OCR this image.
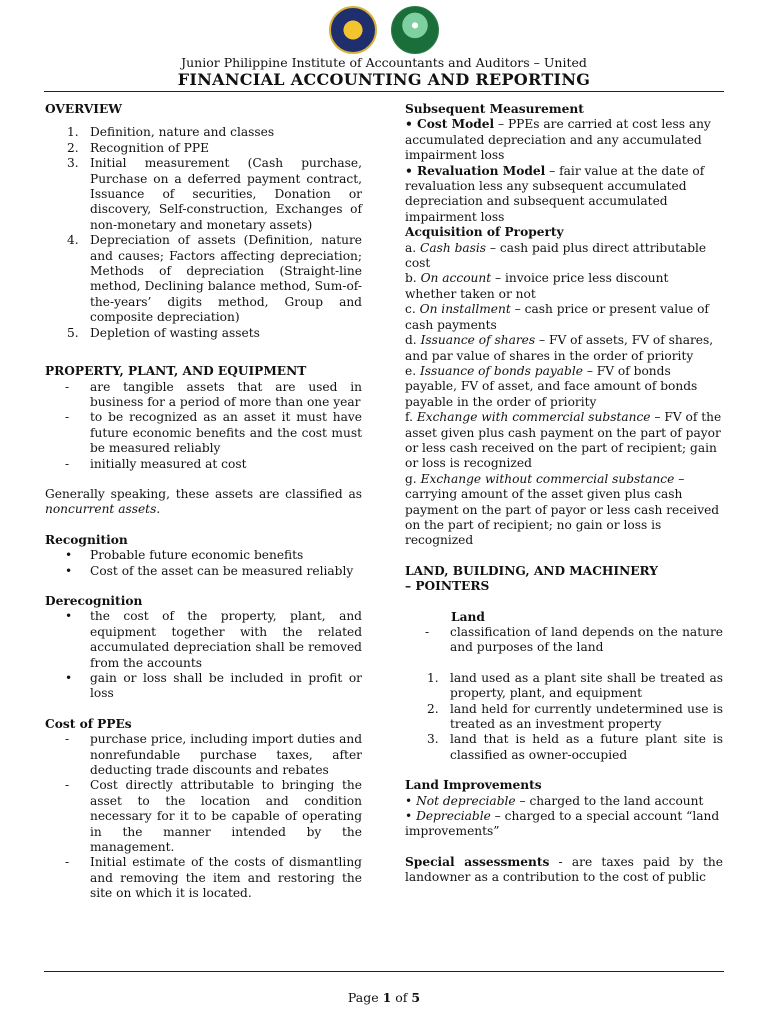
Junior Philippine Institute of Accountants and Auditors – United
FINANCIAL ACCOUNTING AND REPORTING

OVERVIEW

1. Definition, nature and classes
2. Recognition of PPE
3. Initial measurement (Cash purchase, Purchase on a deferred payment contract, Issuance of securities, Donation or discovery, Self-construction, Exchanges of non-monetary and monetary assets)
4. Depreciation of assets (Definition, nature and causes; Factors affecting depreciation; Methods of depreciation (Straight-line method, Declining balance method, Sum-of-the-years’ digits method, Group and composite depreciation)
5. Depletion of wasting assets

PROPERTY, PLANT, AND EQUIPMENT

- are tangible assets that are used in business for a period of more than one year
- to be recognized as an asset it must have future economic benefits and the cost must be measured reliably
- initially measured at cost

Generally speaking, these assets are classified as noncurrent assets.

Recognition

• Probable future economic benefits
• Cost of the asset can be measured reliably

Derecognition

• the cost of the property, plant, and equipment together with the related accumulated depreciation shall be removed from the accounts
• gain or loss shall be included in profit or loss

Cost of PPEs

- purchase price, including import duties and nonrefundable purchase taxes, after deducting trade discounts and rebates
- Cost directly attributable to bringing the asset to the location and condition necessary for it to be capable of operating in the manner intended by the management.
- Initial estimate of the costs of dismantling and removing the item and restoring the site on which it is located.

Subsequent Measurement

• Cost Model – PPEs are carried at cost less any accumulated depreciation and any accumulated impairment loss

• Revaluation Model – fair value at the date of revaluation less any subsequent accumulated depreciation and subsequent accumulated impairment loss

Acquisition of Property

a. Cash basis – cash paid plus direct attributable cost

b. On account – invoice price less discount whether taken or not

c. On installment – cash price or present value of cash payments

d. Issuance of shares – FV of assets, FV of shares, and par value of shares in the order of priority

e. Issuance of bonds payable – FV of bonds payable, FV of asset, and face amount of bonds payable in the order of priority

f. Exchange with commercial substance – FV of the asset given plus cash payment on the part of payor or less cash received on the part of recipient; gain or loss is recognized

g. Exchange without commercial substance – carrying amount of the asset given plus cash payment on the part of payor or less cash received on the part of recipient; no gain or loss is recognized

LAND, BUILDING, AND MACHINERY

– POINTERS

Land

- classification of land depends on the nature and purposes of the land
1. land used as a plant site shall be treated as property, plant, and equipment
2. land held for currently undetermined use is treated as an investment property
3. land that is held as a future plant site is classified as owner-occupied

Land Improvements

• Not depreciable – charged to the land account

• Depreciable – charged to a special account “land improvements”

Special assessments - are taxes paid by the landowner as a contribution to the cost of public

Page 1 of 5
